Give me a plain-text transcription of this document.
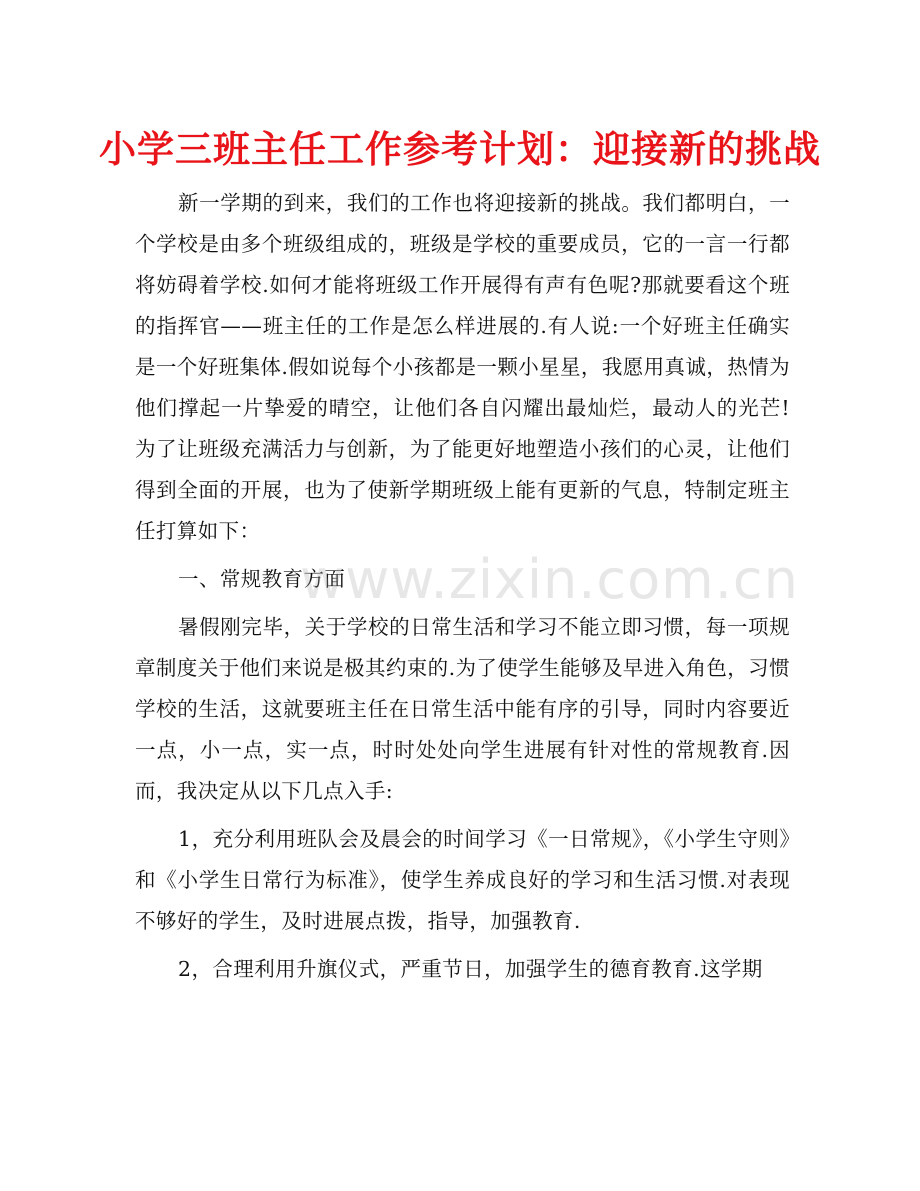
小学三班主任工作参考计划：迎接新的挑战

新一学期的到来，我们的工作也将迎接新的挑战。我们都明白，一个学校是由多个班级组成的，班级是学校的重要成员，它的一言一行都将妨碍着学校.如何才能将班级工作开展得有声有色呢?那就要看这个班的指挥官——班主任的工作是怎么样进展的.有人说:一个好班主任确实是一个好班集体.假如说每个小孩都是一颗小星星，我愿用真诚，热情为他们撑起一片挚爱的晴空，让他们各自闪耀出最灿烂，最动人的光芒!为了让班级充满活力与创新，为了能更好地塑造小孩们的心灵，让他们得到全面的开展，也为了使新学期班级上能有更新的气息，特制定班主任打算如下：

一、常规教育方面

暑假刚完毕，关于学校的日常生活和学习不能立即习惯，每一项规章制度关于他们来说是极其约束的.为了使学生能够及早进入角色，习惯学校的生活，这就要班主任在日常生活中能有序的引导，同时内容要近一点，小一点，实一点，时时处处向学生进展有针对性的常规教育.因而，我决定从以下几点入手:

1，充分利用班队会及晨会的时间学习《一日常规》，《小学生守则》和《小学生日常行为标准》，使学生养成良好的学习和生活习惯.对表现不够好的学生，及时进展点拨，指导，加强教育.

2，合理利用升旗仪式，严重节日，加强学生的德育教育.这学期

www.zixin.com.cn
